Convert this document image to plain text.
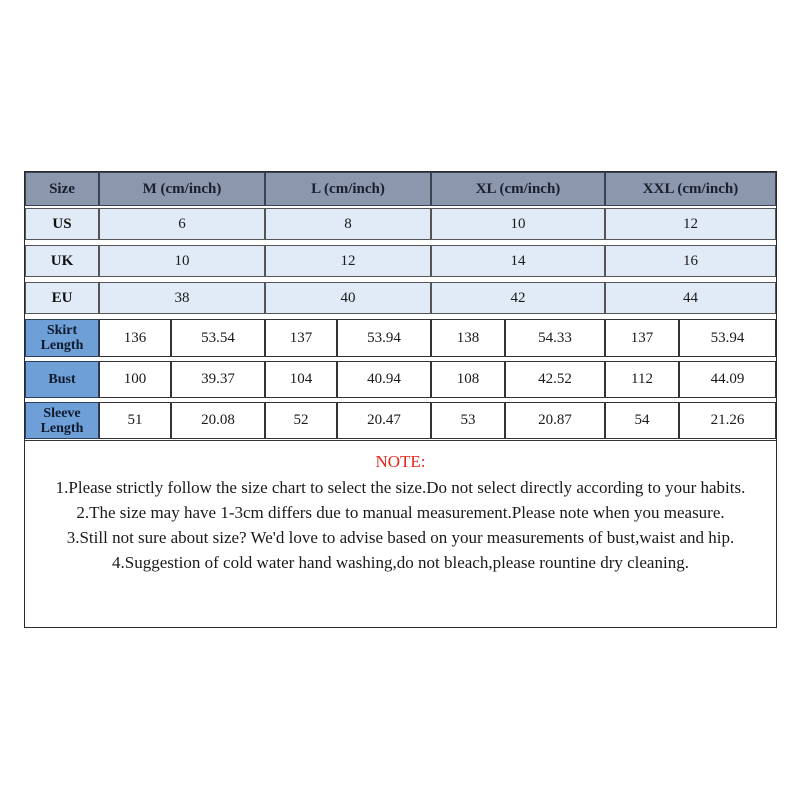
Size	M (cm/inch)	L (cm/inch)	XL (cm/inch)	XXL (cm/inch)
US	6	8	10	12
UK	10	12	14	16
EU	38	40	42	44
Skirt Length	136	53.54	137	53.94	138	54.33	137	53.94
Bust	100	39.37	104	40.94	108	42.52	112	44.09
Sleeve Length	51	20.08	52	20.47	53	20.87	54	21.26
NOTE:
1.Please strictly follow the size chart to select the size.Do not select directly according to your habits.
2.The size may have 1-3cm differs due to manual measurement.Please note when you measure.
3.Still not sure about size? We'd love to advise based on your measurements of bust,waist and hip.
4.Suggestion of cold water hand washing,do not bleach,please rountine dry cleaning.
